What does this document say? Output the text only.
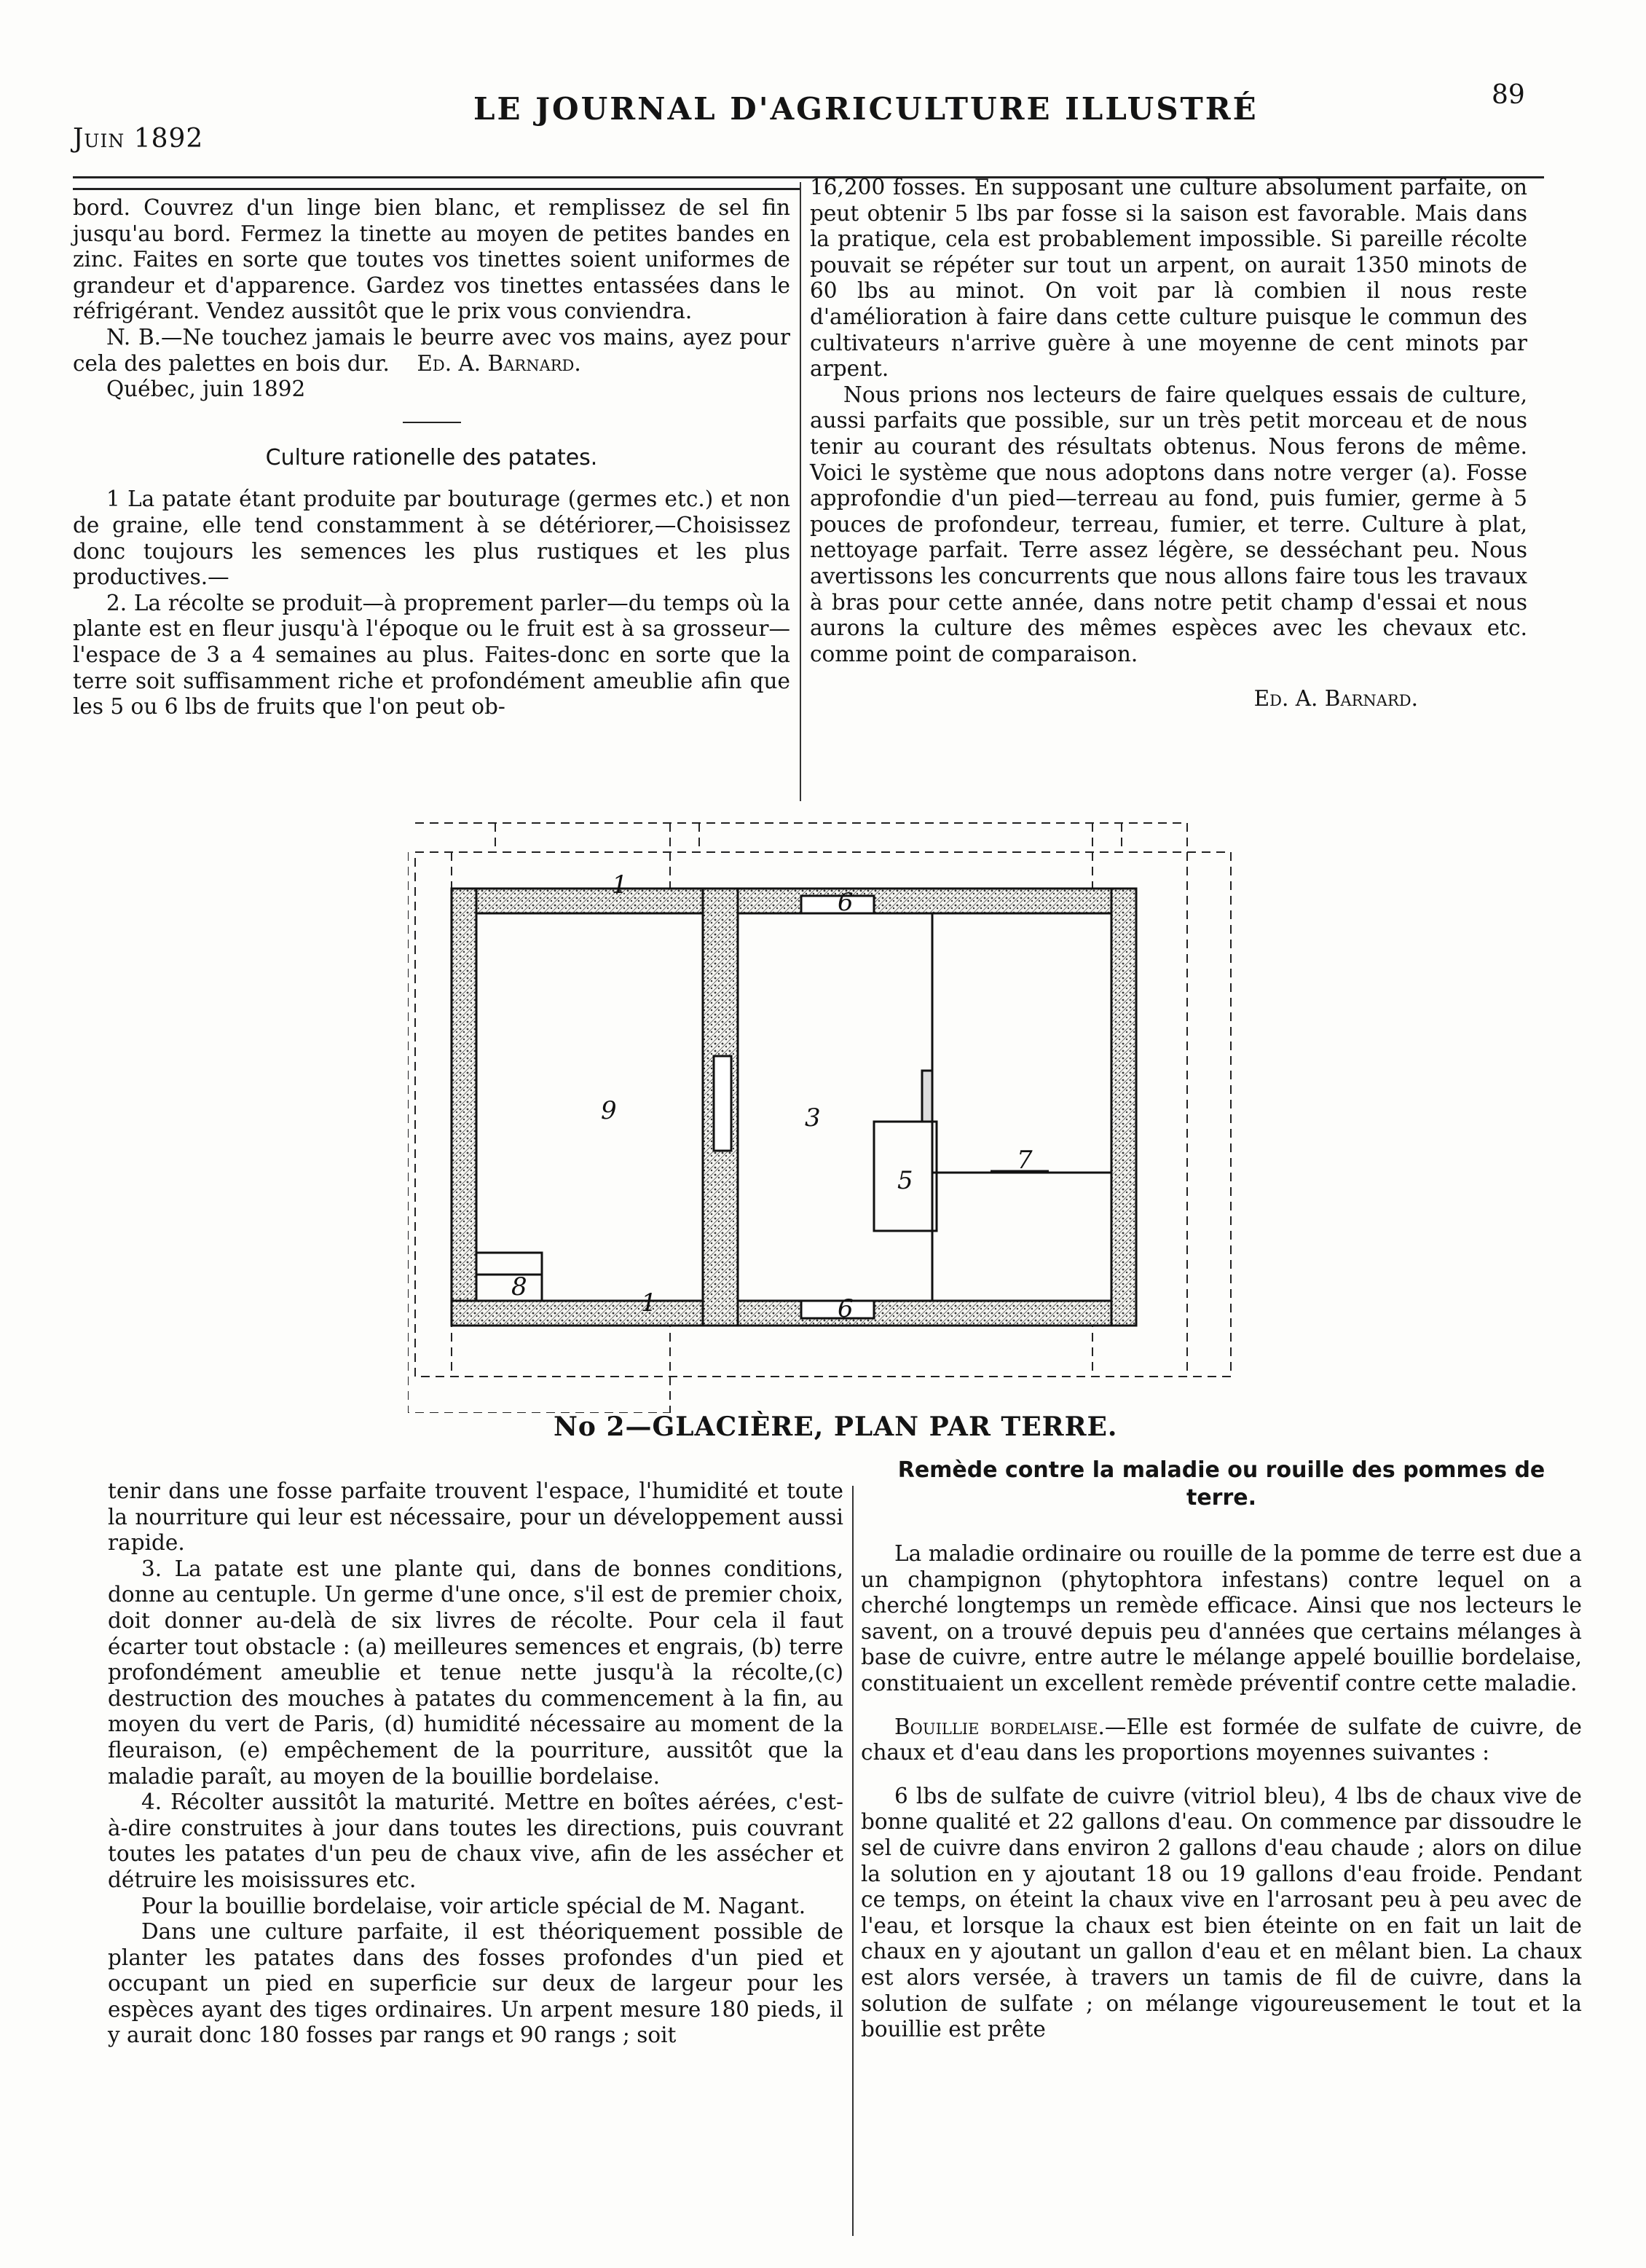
Juin 1892
LE JOURNAL D'AGRICULTURE ILLUSTRÉ	89

bord. Couvrez d'un linge bien blanc, et remplissez de sel fin jusqu'au bord. Fermez la tinette au moyen de petites bandes en zinc. Faites en sorte que toutes vos tinettes soient uniformes de grandeur et d'apparence. Gardez vos tinettes entassées dans le réfrigérant. Vendez aussitôt que le prix vous conviendra.

N. B.—Ne touchez jamais le beurre avec vos mains, ayez pour cela des palettes en bois dur. Ed. A. Barnard.

Québec, juin 1892

Culture rationelle des patates.

1 La patate étant produite par bouturage (germes etc.) et non de graine, elle tend constamment à se détériorer,—Choisissez donc toujours les semences les plus rustiques et les plus productives.—

2. La récolte se produit—à proprement parler—du temps où la plante est en fleur jusqu'à l'époque ou le fruit est à sa grosseur—l'espace de 3 a 4 semaines au plus. Faites-donc en sorte que la terre soit suffisamment riche et profondément ameublie afin que les 5 ou 6 lbs de fruits que l'on peut ob-

16,200 fosses. En supposant une culture absolument parfaite, on peut obtenir 5 lbs par fosse si la saison est favorable. Mais dans la pratique, cela est probablement impossible. Si pareille récolte pouvait se répéter sur tout un arpent, on aurait 1350 minots de 60 lbs au minot. On voit par là combien il nous reste d'amélioration à faire dans cette culture puisque le commun des cultivateurs n'arrive guère à une moyenne de cent minots par arpent.

Nous prions nos lecteurs de faire quelques essais de culture, aussi parfaits que possible, sur un très petit morceau et de nous tenir au courant des résultats obtenus. Nous ferons de même. Voici le système que nous adoptons dans notre verger (a). Fosse approfondie d'un pied—terreau au fond, puis fumier, germe à 5 pouces de profondeur, terreau, fumier, et terre. Culture à plat, nettoyage parfait. Terre assez légère, se desséchant peu. Nous avertissons les concurrents que nous allons faire tous les travaux à bras pour cette année, dans notre petit champ d'essai et nous aurons la culture des mêmes espèces avec les chevaux etc. comme point de comparaison.

Ed. A. Barnard.

1
9	3
5
7
8
6
6
1
No 2—GLACIÈRE, PLAN PAR TERRE.

tenir dans une fosse parfaite trouvent l'espace, l'humidité et toute la nourriture qui leur est nécessaire, pour un développement aussi rapide.

3. La patate est une plante qui, dans de bonnes conditions, donne au centuple. Un germe d'une once, s'il est de premier choix, doit donner au-delà de six livres de récolte. Pour cela il faut écarter tout obstacle : (a) meilleures semences et engrais, (b) terre profondément ameublie et tenue nette jusqu'à la récolte,(c) destruction des mouches à patates du commencement à la fin, au moyen du vert de Paris, (d) humidité nécessaire au moment de la fleuraison, (e) empêchement de la pourriture, aussitôt que la maladie paraît, au moyen de la bouillie bordelaise.

4. Récolter aussitôt la maturité. Mettre en boîtes aérées, c'est-à-dire construites à jour dans toutes les directions, puis couvrant toutes les patates d'un peu de chaux vive, afin de les assécher et détruire les moisissures etc.

Pour la bouillie bordelaise, voir article spécial de M. Nagant.

Dans une culture parfaite, il est théoriquement possible de planter les patates dans des fosses profondes d'un pied et occupant un pied en superficie sur deux de largeur pour les espèces ayant des tiges ordinaires. Un arpent mesure 180 pieds, il y aurait donc 180 fosses par rangs et 90 rangs ; soit

Remède contre la maladie ou rouille des pommes de terre.

La maladie ordinaire ou rouille de la pomme de terre est due a un champignon (phytophtora infestans) contre lequel on a cherché longtemps un remède efficace. Ainsi que nos lecteurs le savent, on a trouvé depuis peu d'années que certains mélanges à base de cuivre, entre autre le mélange appelé bouillie bordelaise, constituaient un excellent remède préventif contre cette maladie.

Bouillie bordelaise.—Elle est formée de sulfate de cuivre, de chaux et d'eau dans les proportions moyennes suivantes :

6 lbs de sulfate de cuivre (vitriol bleu), 4 lbs de chaux vive de bonne qualité et 22 gallons d'eau. On commence par dissoudre le sel de cuivre dans environ 2 gallons d'eau chaude ; alors on dilue la solution en y ajoutant 18 ou 19 gallons d'eau froide. Pendant ce temps, on éteint la chaux vive en l'arrosant peu à peu avec de l'eau, et lorsque la chaux est bien éteinte on en fait un lait de chaux en y ajoutant un gallon d'eau et en mêlant bien. La chaux est alors versée, à travers un tamis de fil de cuivre, dans la solution de sulfate ; on mélange vigoureusement le tout et la bouillie est prête
